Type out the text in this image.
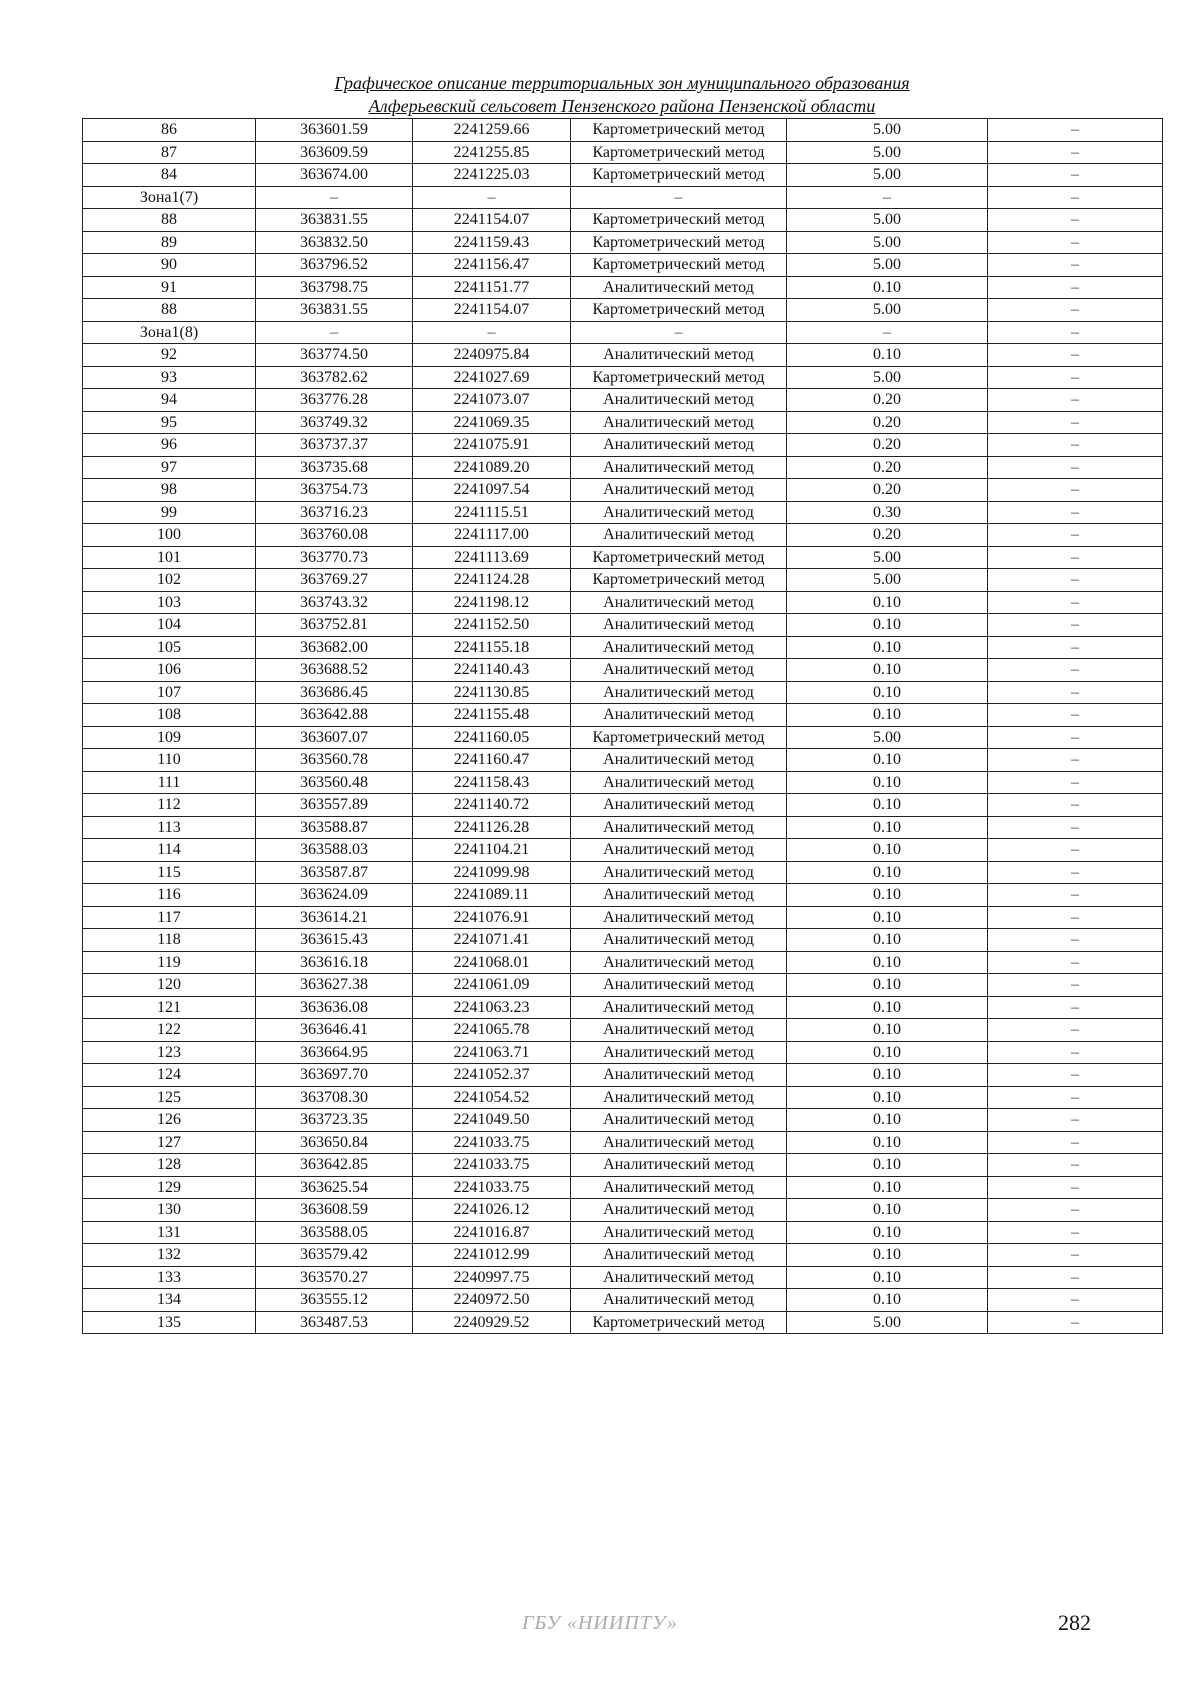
Графическое описание территориальных зон муниципального образования
Алферьевский сельсовет Пензенского района Пензенской области
86	363601.59	2241259.66	Картометрический метод	5.00	–
87	363609.59	2241255.85	Картометрический метод	5.00	–
84	363674.00	2241225.03	Картометрический метод	5.00	–
Зона1(7)	–	–	–	–	–
88	363831.55	2241154.07	Картометрический метод	5.00	–
89	363832.50	2241159.43	Картометрический метод	5.00	–
90	363796.52	2241156.47	Картометрический метод	5.00	–
91	363798.75	2241151.77	Аналитический метод	0.10	–
88	363831.55	2241154.07	Картометрический метод	5.00	–
Зона1(8)	–	–	–	–	–
92	363774.50	2240975.84	Аналитический метод	0.10	–
93	363782.62	2241027.69	Картометрический метод	5.00	–
94	363776.28	2241073.07	Аналитический метод	0.20	–
95	363749.32	2241069.35	Аналитический метод	0.20	–
96	363737.37	2241075.91	Аналитический метод	0.20	–
97	363735.68	2241089.20	Аналитический метод	0.20	–
98	363754.73	2241097.54	Аналитический метод	0.20	–
99	363716.23	2241115.51	Аналитический метод	0.30	–
100	363760.08	2241117.00	Аналитический метод	0.20	–
101	363770.73	2241113.69	Картометрический метод	5.00	–
102	363769.27	2241124.28	Картометрический метод	5.00	–
103	363743.32	2241198.12	Аналитический метод	0.10	–
104	363752.81	2241152.50	Аналитический метод	0.10	–
105	363682.00	2241155.18	Аналитический метод	0.10	–
106	363688.52	2241140.43	Аналитический метод	0.10	–
107	363686.45	2241130.85	Аналитический метод	0.10	–
108	363642.88	2241155.48	Аналитический метод	0.10	–
109	363607.07	2241160.05	Картометрический метод	5.00	–
110	363560.78	2241160.47	Аналитический метод	0.10	–
111	363560.48	2241158.43	Аналитический метод	0.10	–
112	363557.89	2241140.72	Аналитический метод	0.10	–
113	363588.87	2241126.28	Аналитический метод	0.10	–
114	363588.03	2241104.21	Аналитический метод	0.10	–
115	363587.87	2241099.98	Аналитический метод	0.10	–
116	363624.09	2241089.11	Аналитический метод	0.10	–
117	363614.21	2241076.91	Аналитический метод	0.10	–
118	363615.43	2241071.41	Аналитический метод	0.10	–
119	363616.18	2241068.01	Аналитический метод	0.10	–
120	363627.38	2241061.09	Аналитический метод	0.10	–
121	363636.08	2241063.23	Аналитический метод	0.10	–
122	363646.41	2241065.78	Аналитический метод	0.10	–
123	363664.95	2241063.71	Аналитический метод	0.10	–
124	363697.70	2241052.37	Аналитический метод	0.10	–
125	363708.30	2241054.52	Аналитический метод	0.10	–
126	363723.35	2241049.50	Аналитический метод	0.10	–
127	363650.84	2241033.75	Аналитический метод	0.10	–
128	363642.85	2241033.75	Аналитический метод	0.10	–
129	363625.54	2241033.75	Аналитический метод	0.10	–
130	363608.59	2241026.12	Аналитический метод	0.10	–
131	363588.05	2241016.87	Аналитический метод	0.10	–
132	363579.42	2241012.99	Аналитический метод	0.10	–
133	363570.27	2240997.75	Аналитический метод	0.10	–
134	363555.12	2240972.50	Аналитический метод	0.10	–
135	363487.53	2240929.52	Картометрический метод	5.00	–
ГБУ «НИИПТУ»	282
